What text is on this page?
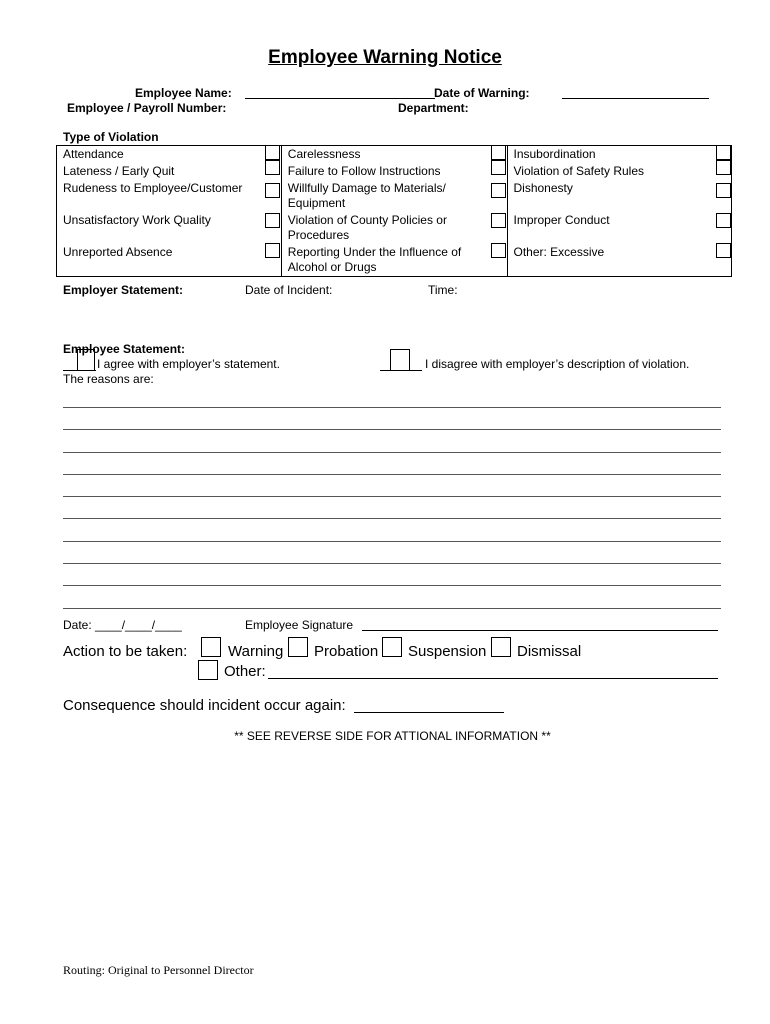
Employee Warning Notice
Employee Name:	Date of Warning:
Employee / Payroll Number:	Department:
Type of Violation
Attendance	Carelessness	Insubordination
Lateness / Early Quit	Failure to Follow Instructions	Violation of Safety Rules
Rudeness to Employee/Customer	Willfully Damage to Materials/ Equipment	Dishonesty
Unsatisfactory Work Quality	Violation of County Policies or Procedures	Improper Conduct
Unreported Absence	Reporting Under the Influence of Alcohol or Drugs	Other: Excessive
Employer Statement:	Date of Incident:	Time:
Employee Statement:
I agree with employer’s statement.	I disagree with employer’s description of violation.
The reasons are:
Date: ____/____/____	Employee Signature
Action to be taken:	Warning Probation Suspension Dismissal
Other:
Consequence should incident occur again:
** SEE REVERSE SIDE FOR ATTIONAL INFORMATION **
Routing: Original to Personnel Director
